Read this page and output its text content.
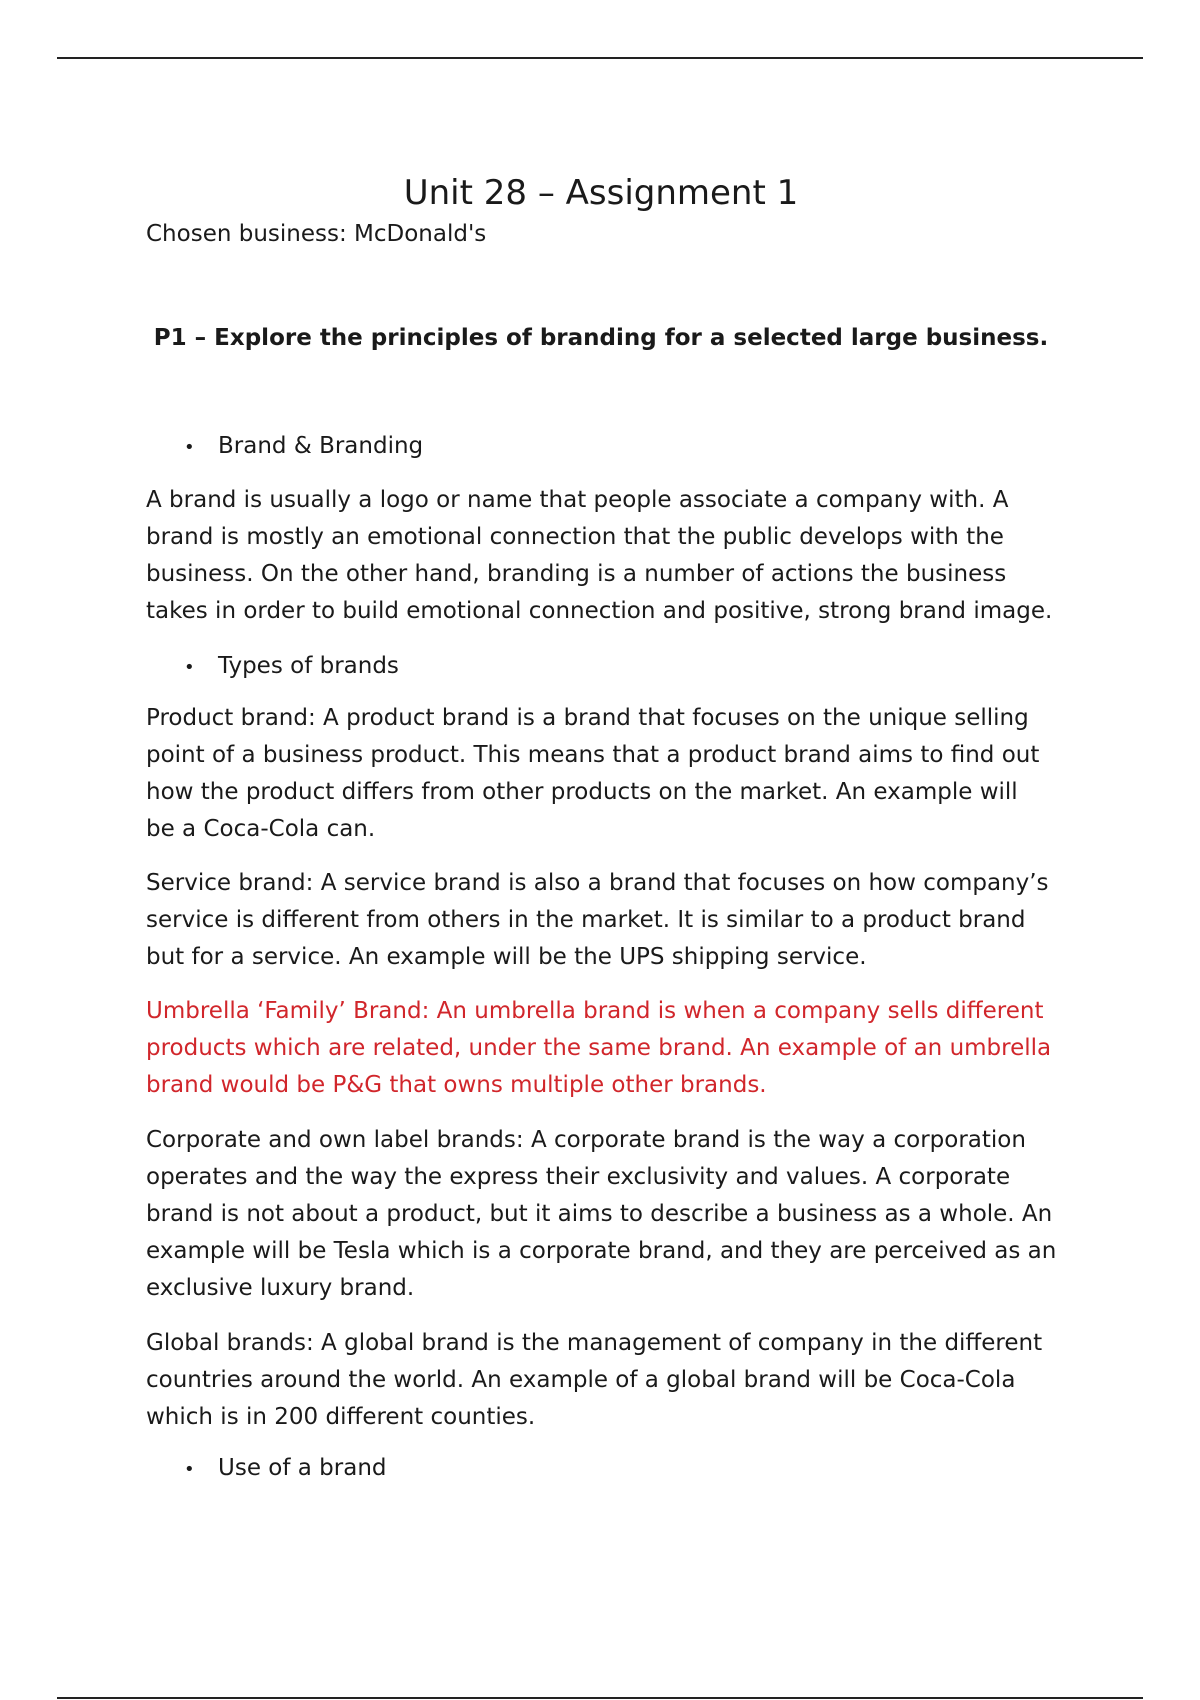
Unit 28 – Assignment 1
Chosen business: McDonald's
P1 – Explore the principles of branding for a selected large business.
• Brand & Branding
A brand is usually a logo or name that people associate a company with. A
brand is mostly an emotional connection that the public develops with the
business. On the other hand, branding is a number of actions the business
takes in order to build emotional connection and positive, strong brand image.
• Types of brands
Product brand: A product brand is a brand that focuses on the unique selling
point of a business product. This means that a product brand aims to find out
how the product differs from other products on the market. An example will
be a Coca-Cola can.
Service brand: A service brand is also a brand that focuses on how company’s
service is different from others in the market. It is similar to a product brand
but for a service. An example will be the UPS shipping service.
Umbrella ‘Family’ Brand: An umbrella brand is when a company sells different
products which are related, under the same brand. An example of an umbrella
brand would be P&G that owns multiple other brands.
Corporate and own label brands: A corporate brand is the way a corporation
operates and the way the express their exclusivity and values. A corporate
brand is not about a product, but it aims to describe a business as a whole. An
example will be Tesla which is a corporate brand, and they are perceived as an
exclusive luxury brand.
Global brands: A global brand is the management of company in the different
countries around the world. An example of a global brand will be Coca-Cola
which is in 200 different counties.
• Use of a brand
